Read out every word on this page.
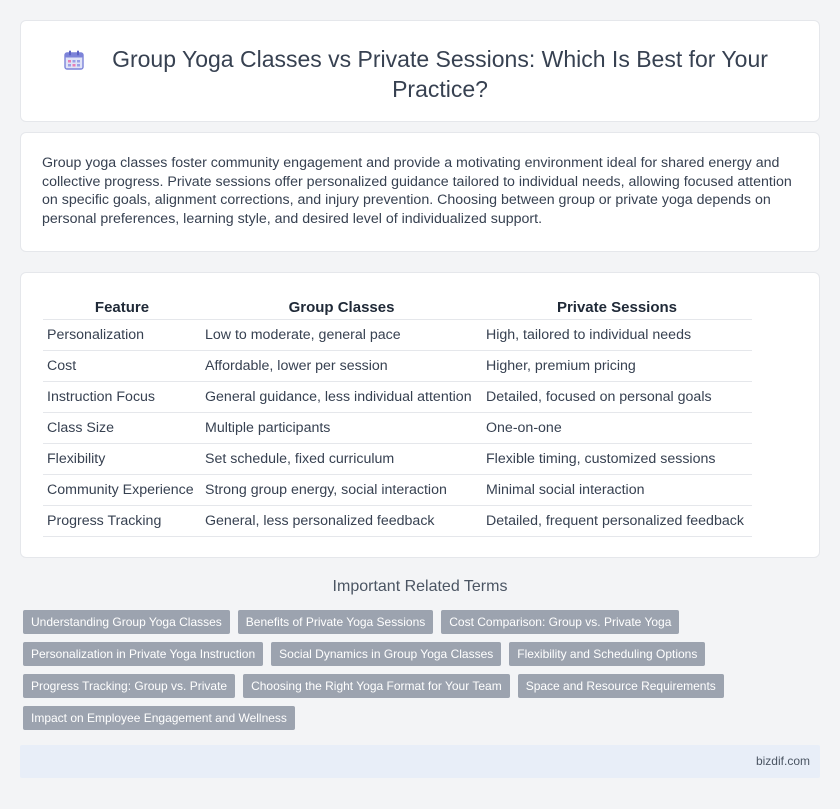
Group Yoga Classes vs Private Sessions: Which Is Best for Your Practice?

Group yoga classes foster community engagement and provide a motivating environment ideal for shared energy and collective progress. Private sessions offer personalized guidance tailored to individual needs, allowing focused attention on specific goals, alignment corrections, and injury prevention. Choosing between group or private yoga depends on personal preferences, learning style, and desired level of individualized support.

Feature	Group Classes	Private Sessions
Personalization	Low to moderate, general pace	High, tailored to individual needs
Cost	Affordable, lower per session	Higher, premium pricing
Instruction Focus	General guidance, less individual attention	Detailed, focused on personal goals
Class Size	Multiple participants	One-on-one
Flexibility	Set schedule, fixed curriculum	Flexible timing, customized sessions
Community Experience	Strong group energy, social interaction	Minimal social interaction
Progress Tracking	General, less personalized feedback	Detailed, frequent personalized feedback
Important Related Terms
Understanding Group Yoga Classes	Benefits of Private Yoga Sessions	Cost Comparison: Group vs. Private Yoga
Personalization in Private Yoga Instruction	Social Dynamics in Group Yoga Classes	Flexibility and Scheduling Options
Progress Tracking: Group vs. Private	Choosing the Right Yoga Format for Your Team	Space and Resource Requirements
Impact on Employee Engagement and Wellness
bizdif.com
